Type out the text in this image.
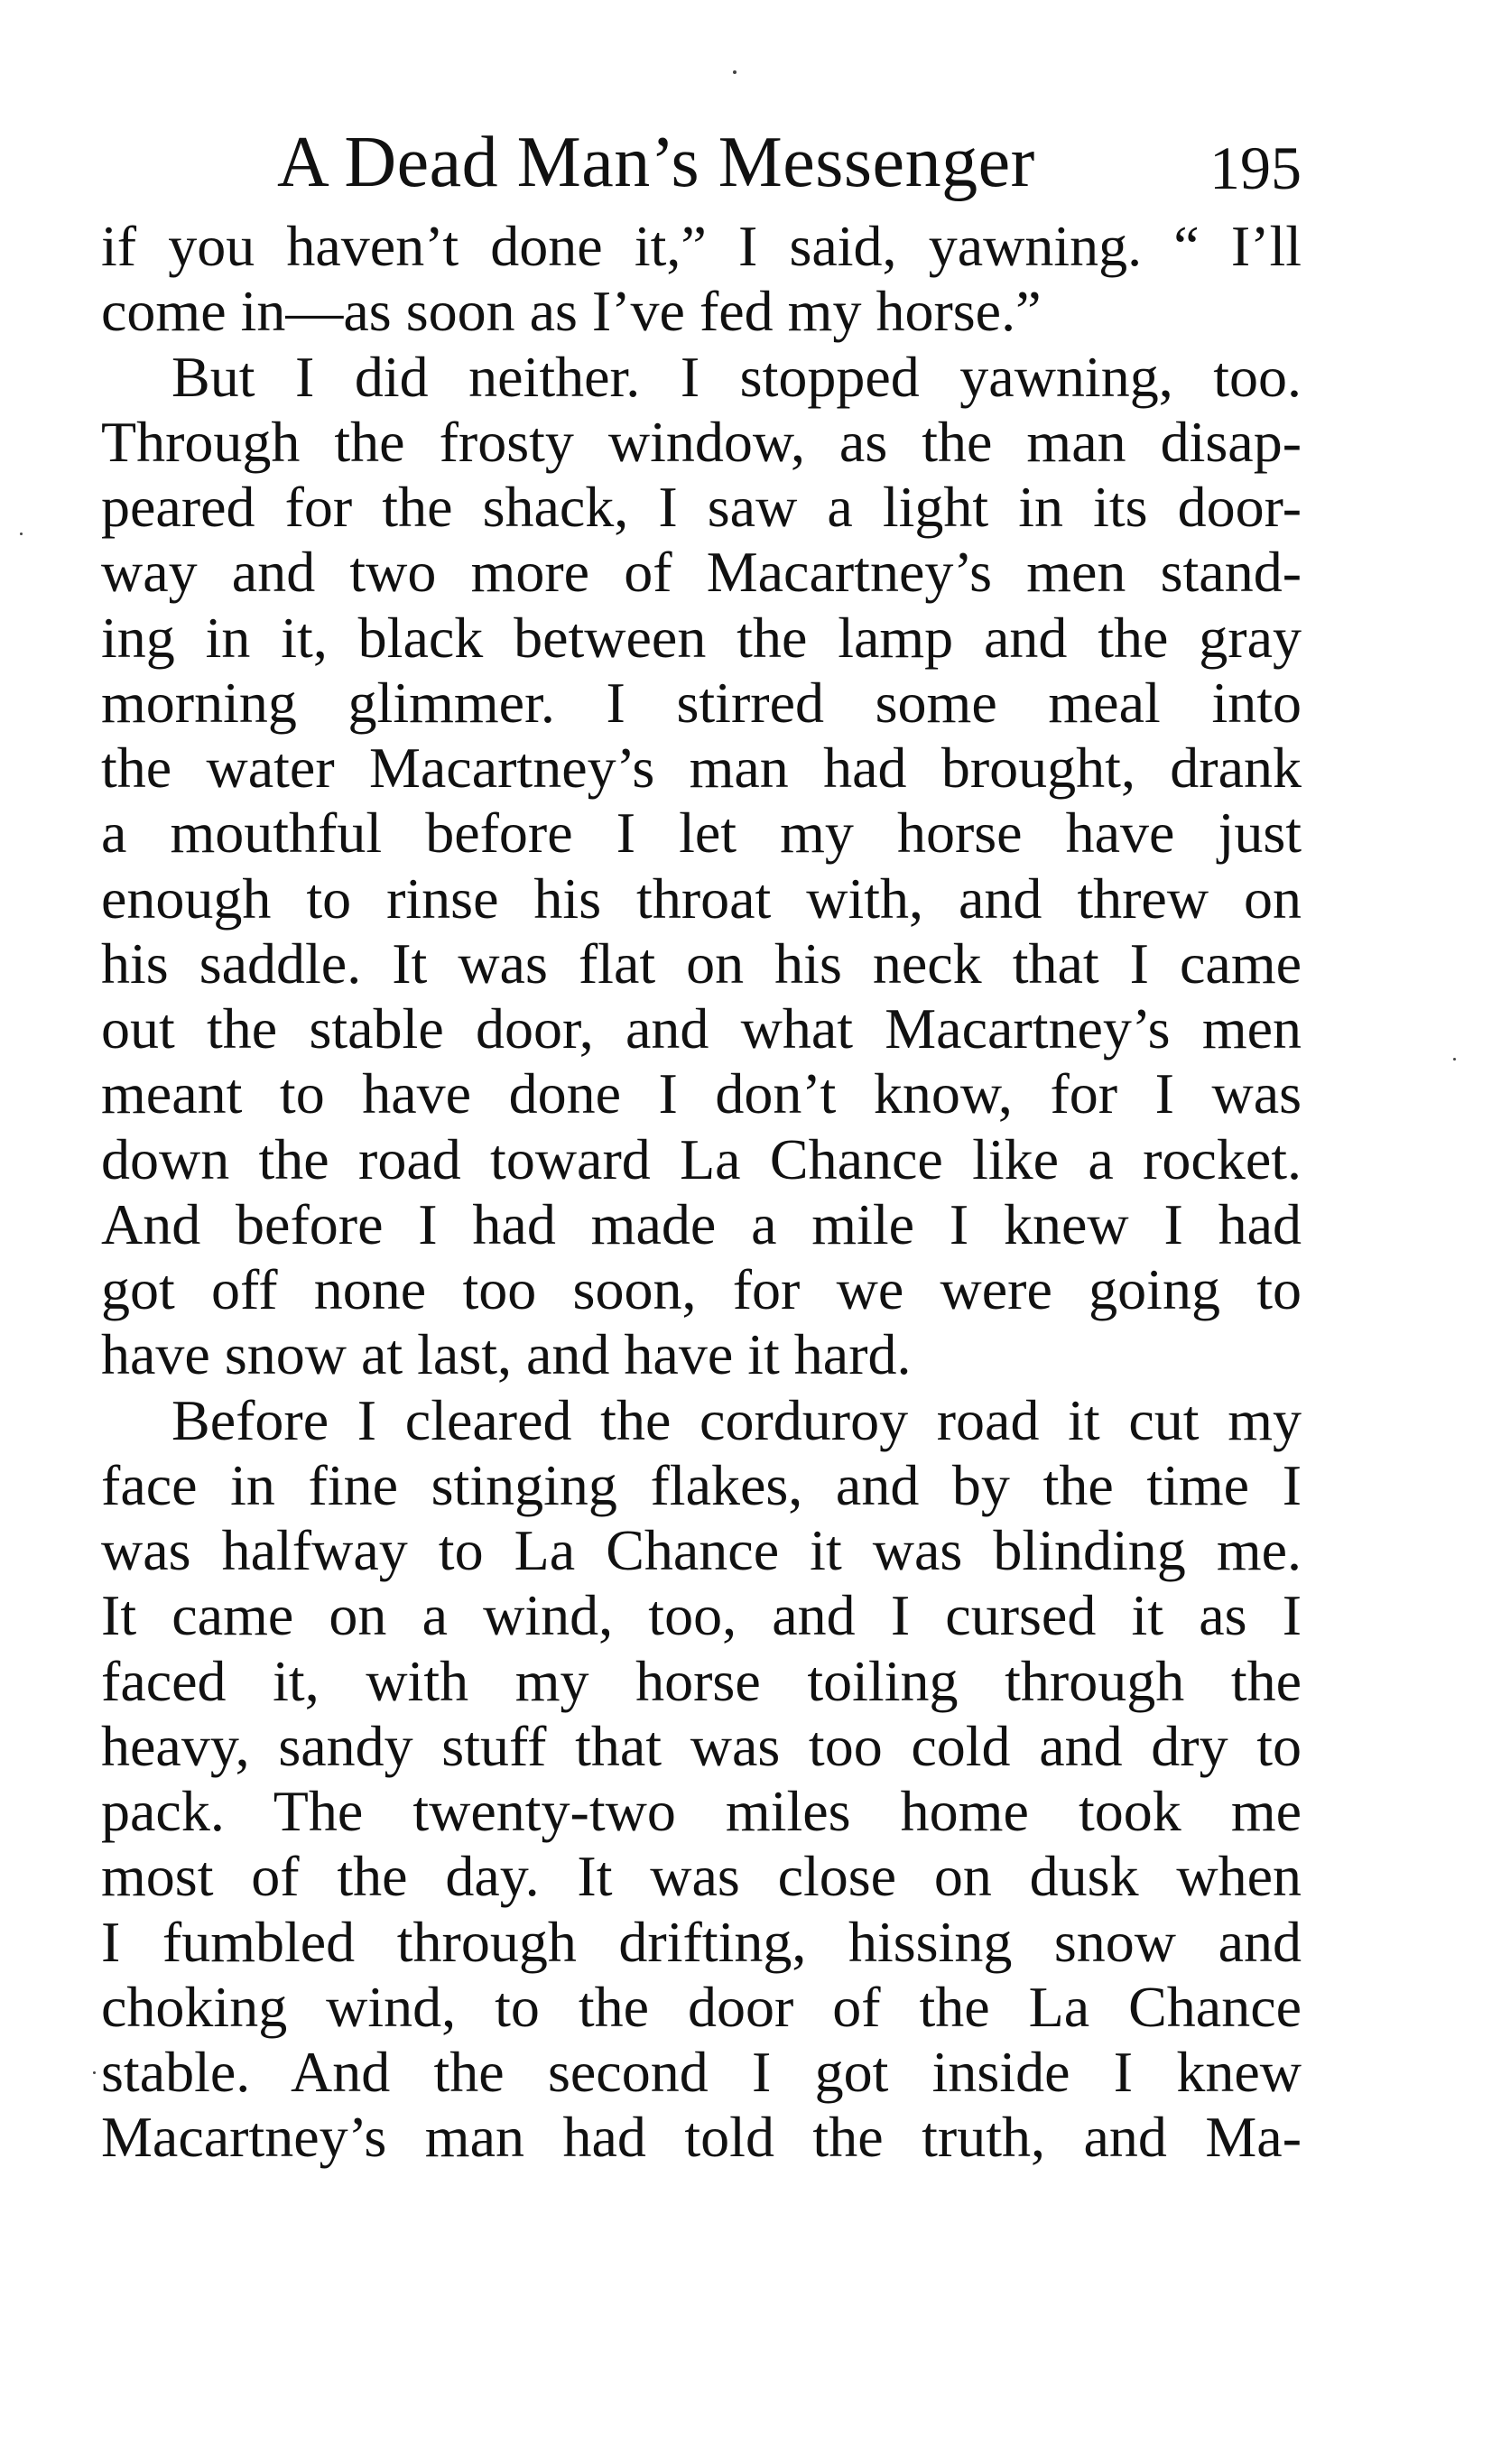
A Dead Man’s Messenger	195
if you haven’t done it,” I said, yawning. “ I’ll
come in—as soon as I’ve fed my horse.”
But I did neither. I stopped yawning, too.
Through the frosty window, as the man disap-
peared for the shack, I saw a light in its door-
way and two more of Macartney’s men stand-
ing in it, black between the lamp and the gray
morning glimmer. I stirred some meal into
the water Macartney’s man had brought, drank
a mouthful before I let my horse have just
enough to rinse his throat with, and threw on
his saddle. It was flat on his neck that I came
out the stable door, and what Macartney’s men
meant to have done I don’t know, for I was
down the road toward La Chance like a rocket.
And before I had made a mile I knew I had
got off none too soon, for we were going to
have snow at last, and have it hard.
Before I cleared the corduroy road it cut my
face in fine stinging flakes, and by the time I
was halfway to La Chance it was blinding me.
It came on a wind, too, and I cursed it as I
faced it, with my horse toiling through the
heavy, sandy stuff that was too cold and dry to
pack. The twenty-two miles home took me
most of the day. It was close on dusk when
I fumbled through drifting, hissing snow and
choking wind, to the door of the La Chance
stable. And the second I got inside I knew
Macartney’s man had told the truth, and Ma-
